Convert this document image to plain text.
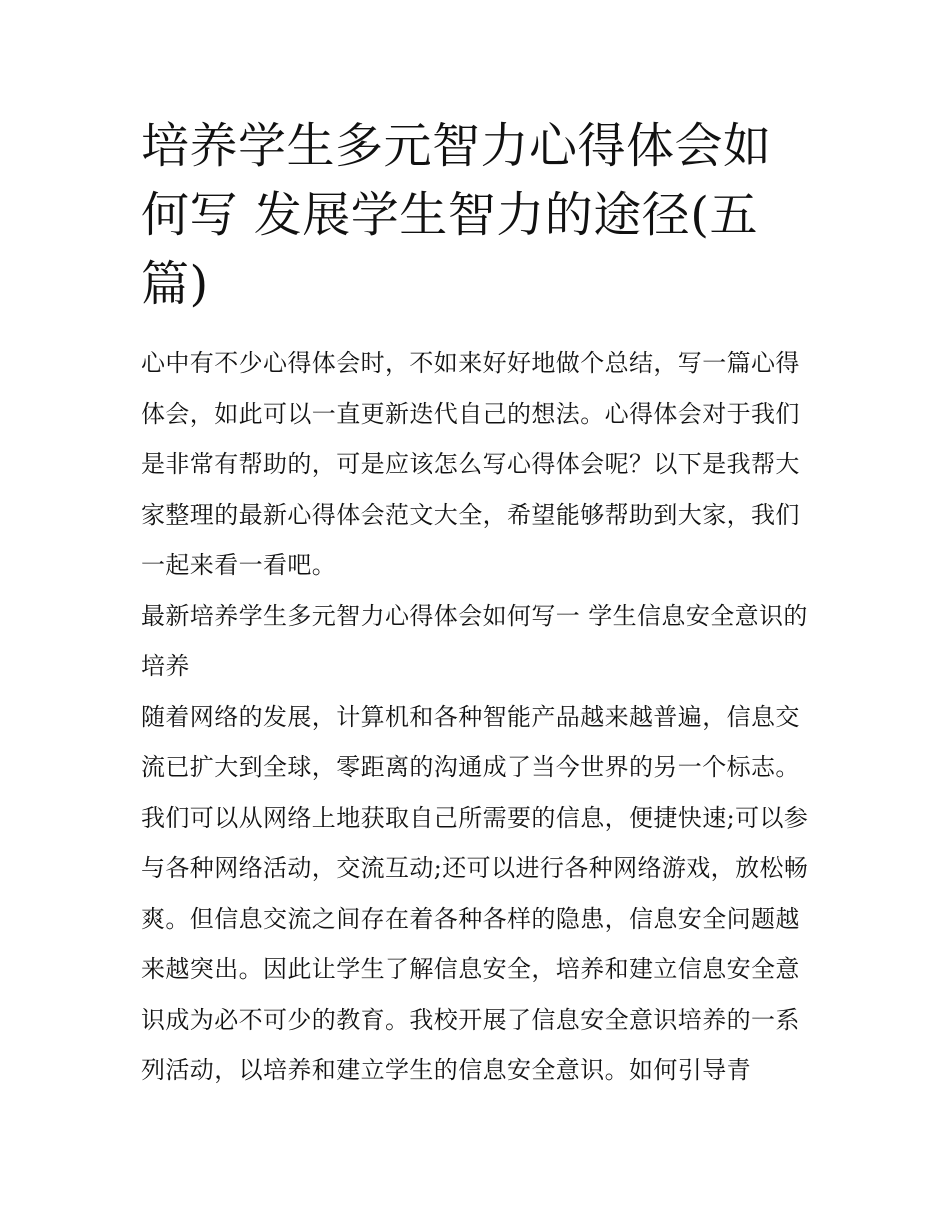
培养学生多元智力心得体会如何写 发展学生智力的途径(五篇)

心中有不少心得体会时，不如来好好地做个总结，写一篇心得体会，如此可以一直更新迭代自己的想法。心得体会对于我们是非常有帮助的，可是应该怎么写心得体会呢？以下是我帮大家整理的最新心得体会范文大全，希望能够帮助到大家，我们一起来看一看吧。

最新培养学生多元智力心得体会如何写一 学生信息安全意识的培养

随着网络的发展，计算机和各种智能产品越来越普遍，信息交流已扩大到全球，零距离的沟通成了当今世界的另一个标志。我们可以从网络上地获取自己所需要的信息，便捷快速;可以参与各种网络活动，交流互动;还可以进行各种网络游戏，放松畅爽。但信息交流之间存在着各种各样的隐患，信息安全问题越来越突出。因此让学生了解信息安全，培养和建立信息安全意识成为必不可少的教育。我校开展了信息安全意识培养的一系列活动，以培养和建立学生的信息安全意识。如何引导青
